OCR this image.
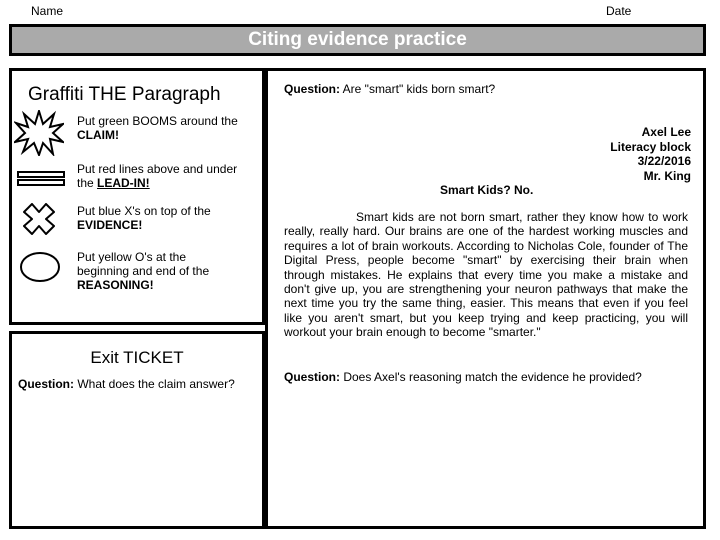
Name	Date
Citing evidence practice
Graffiti THE Paragraph
Put green BOOMS around the CLAIM!
Put red lines above and under the LEAD-IN!
Put blue X's on top of the EVIDENCE!
Put yellow O's at the beginning and end of the REASONING!
Exit TICKET
Question: What does the claim answer?
Question: Are "smart" kids born smart?
Axel Lee
Literacy block
3/22/2016
Mr. King
Smart Kids? No.
Smart kids are not born smart, rather they know how to work really, really hard. Our brains are one of the hardest working muscles and requires a lot of brain workouts. According to Nicholas Cole, founder of The Digital Press, people become "smart" by exercising their brain when through mistakes. He explains that every time you make a mistake and don't give up, you are strengthening your neuron pathways that make the next time you try the same thing, easier. This means that even if you feel like you aren't smart, but you keep trying and keep practicing, you will workout your brain enough to become "smarter."
Question: Does Axel's reasoning match the evidence he provided?
